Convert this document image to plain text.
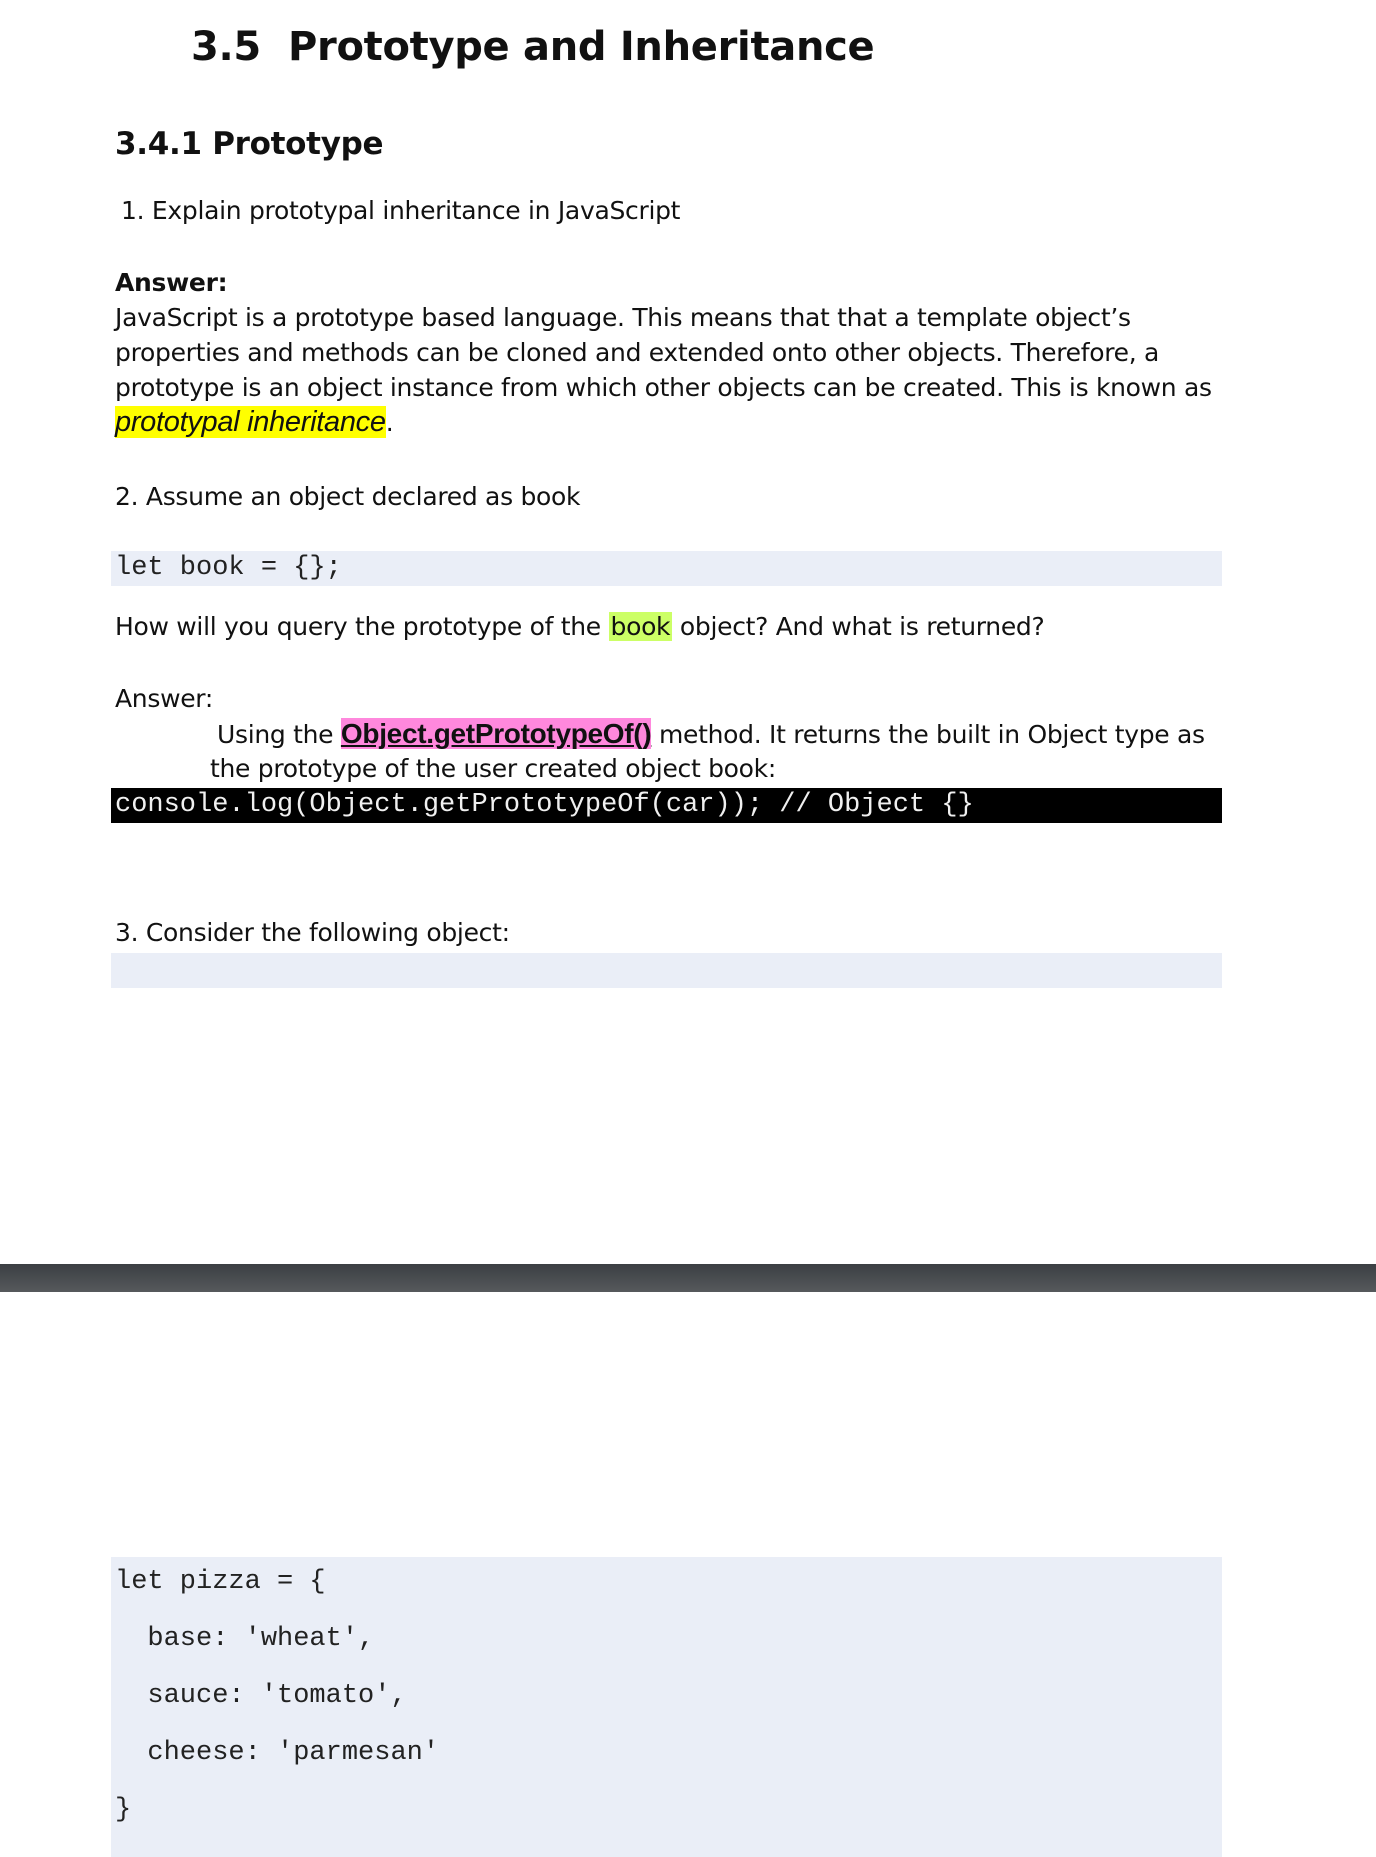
3.5 Prototype and Inheritance
3.4.1 Prototype
1. Explain prototypal inheritance in JavaScript
Answer:
JavaScript is a prototype based language. This means that that a template object’s
properties and methods can be cloned and extended onto other objects. Therefore, a
prototype is an object instance from which other objects can be created. This is known as
prototypal inheritance.
2. Assume an object declared as book
let book = {};
How will you query the prototype of the book object? And what is returned?
Answer:
Using the Object.getPrototypeOf() method. It returns the built in Object type as
the prototype of the user created object book:
console.log(Object.getPrototypeOf(car)); // Object {}
3. Consider the following object:
let pizza = {
base: 'wheat',
sauce: 'tomato',
cheese: 'parmesan'
}
